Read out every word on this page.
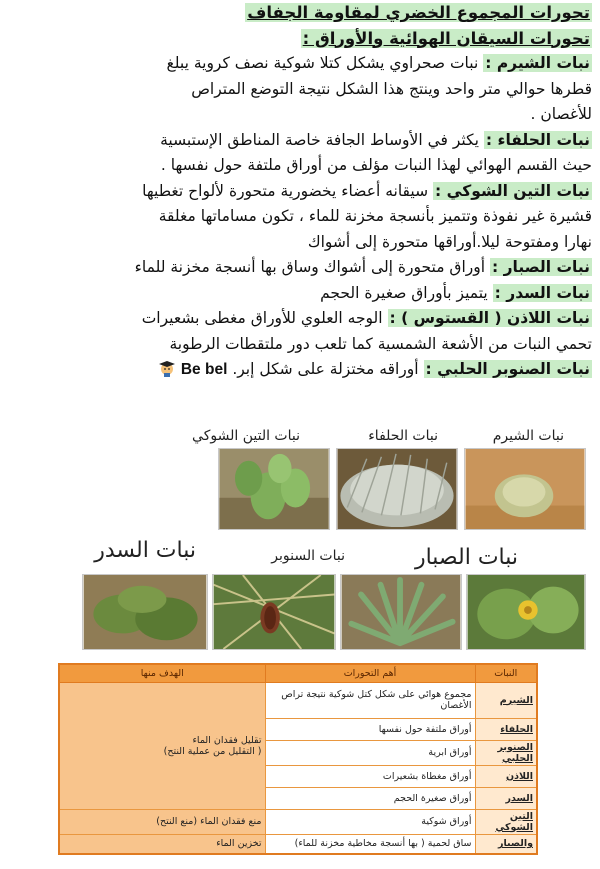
تحورات المجموع الخضري لمقاومة الجفاف
تحورات السيقان الهوائية والأوراق :
نبات الشيرم : نبات صحراوي يشكل كتلا شوكية نصف كروية يبلغ
قطرها حوالي متر واحد وينتج هذا الشكل نتيجة التوضع المتراص
للأغصان .
نبات الحلفاء : يكثر في الأوساط الجافة خاصة المناطق الإستبسية
حيث القسم الهوائي لهذا النبات مؤلف من أوراق ملتفة حول نفسها .
نبات التين الشوكي : سيقانه أعضاء يخضورية متحورة لألواح تغطيها
قشيرة غير نفوذة وتتميز بأنسجة مخزنة للماء ، تكون مساماتها مغلقة
نهارا ومفتوحة ليلا.أوراقها متحورة إلى أشواك
نبات الصبار : أوراق متحورة إلى أشواك وساق بها أنسجة مخزنة للماء
نبات السدر : يتميز بأوراق صغيرة الحجم
نبات اللاذن ( القستوس ) : الوجه العلوي للأوراق مغطى بشعيرات
تحمي النبات من الأشعة الشمسية كما تلعب دور ملتقطات الرطوبة
نبات الصنوبر الحلبي : أوراقه مختزلة على شكل إبر. Be bel
نبات الشيرم
نبات الحلفاء
نبات التين الشوكي
نبات الصبار
نبات السنوبر
نبات السدر
النبات	أهم التحورات	الهدف منها
الشيرم	مجموع هوائي على شكل كتل شوكية نتيجة تراص الأغصان	تقليل فقدان الماء
( التقليل من عملية النتح)

الحلفاء	أوراق ملتفة حول نفسها	
الصنوبر الحلبي	أوراق ابرية	
اللاذن	أوراق مغطاة بشعيرات	
السدر	أوراق صغيرة الحجم	
التين الشوكي	أوراق شوكية	منع فقدان الماء (منع النتح)
والصبار	ساق لحمية ( بها أنسجة مخاطية مخزنة للماء)	تخزين الماء
